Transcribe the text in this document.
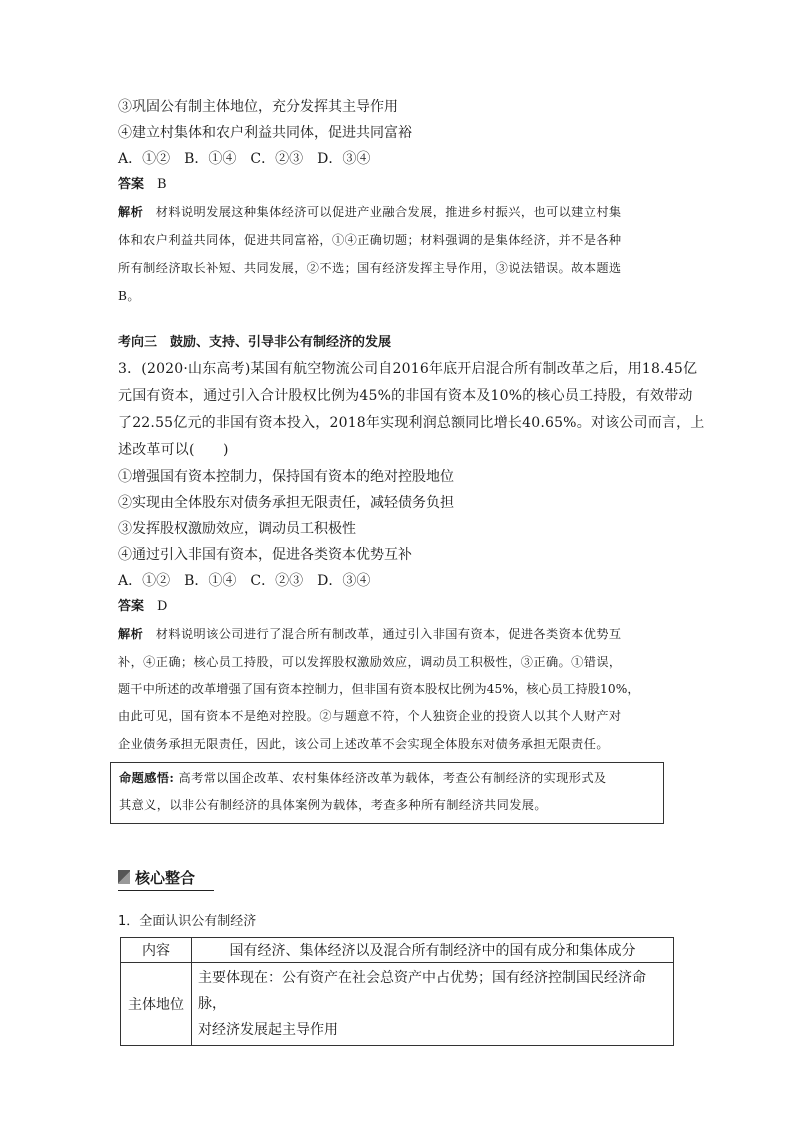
③巩固公有制主体地位，充分发挥其主导作用
④建立村集体和农户利益共同体，促进共同富裕
A．①②　B．①④　C．②③　D．③④
答案　 B
解析　 材料说明发展这种集体经济可以促进产业融合发展，推进乡村振兴，也可以建立村集
体和农户利益共同体，促进共同富裕，①④正确切题；材料强调的是集体经济，并不是各种
所有制经济取长补短、共同发展，②不选；国有经济发挥主导作用，③说法错误。故本题选
B。
考向三　鼓励、支持、引导非公有制经济的发展
3．(2020·山东高考)某国有航空物流公司自2016年底开启混合所有制改革之后，用18.45亿
元国有资本，通过引入合计股权比例为45%的非国有资本及10%的核心员工持股，有效带动
了22.55亿元的非国有资本投入，2018年实现利润总额同比增长40.65%。对该公司而言，上
述改革可以(　　)
①增强国有资本控制力，保持国有资本的绝对控股地位
②实现由全体股东对债务承担无限责任，减轻债务负担
③发挥股权激励效应，调动员工积极性
④通过引入非国有资本，促进各类资本优势互补
A．①②　B．①④　C．②③　D．③④
答案　 D
解析　 材料说明该公司进行了混合所有制改革，通过引入非国有资本，促进各类资本优势互
补，④正确；核心员工持股，可以发挥股权激励效应，调动员工积极性，③正确。①错误，
题干中所述的改革增强了国有资本控制力，但非国有资本股权比例为45%，核心员工持股10%，
由此可见，国有资本不是绝对控股。②与题意不符，个人独资企业的投资人以其个人财产对
企业债务承担无限责任，因此，该公司上述改革不会实现全体股东对债务承担无限责任。
命题感悟: 高考常以国企改革、农村集体经济改革为载体，考查公有制经济的实现形式及
其意义，以非公有制经济的具体案例为载体，考查多种所有制经济共同发展。
核心整合
1．全面认识公有制经济
内容	国有经济、集体经济以及混合所有制经济中的国有成分和集体成分
主体地位	主要体现在：公有资产在社会总资产中占优势；国有经济控制国民经济命脉，
对经济发展起主导作用
